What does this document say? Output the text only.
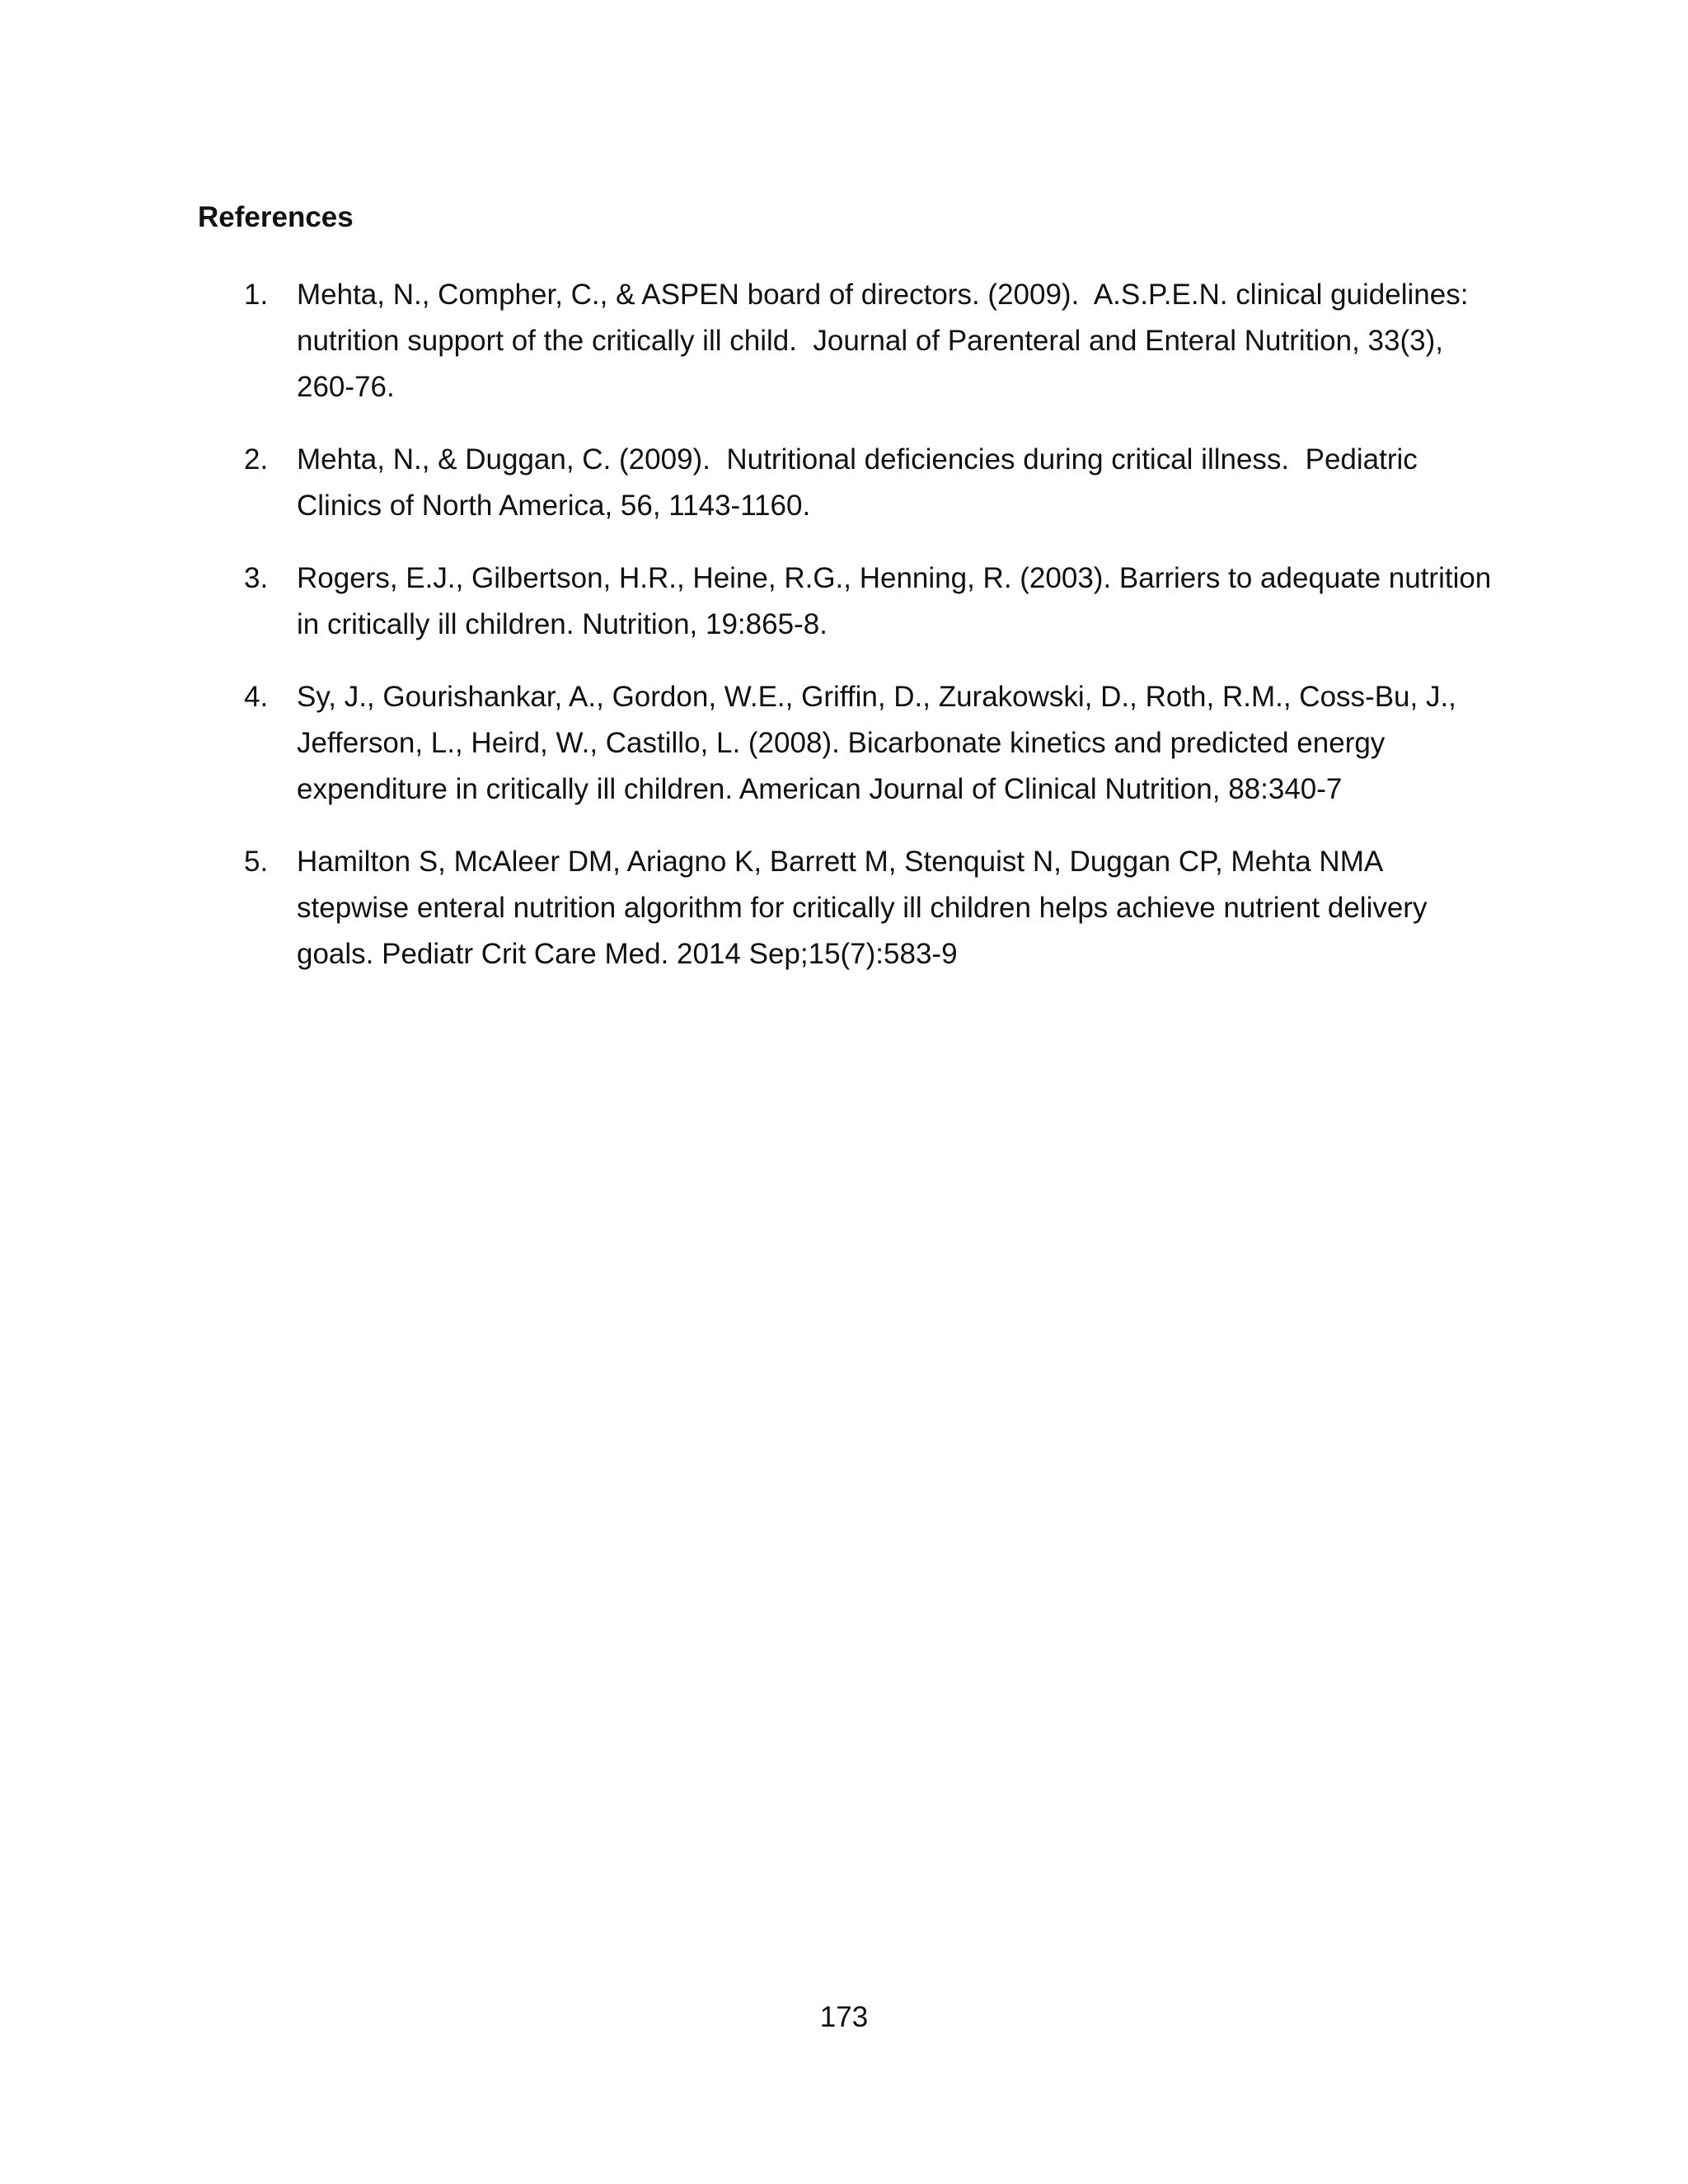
References
1. Mehta, N., Compher, C., & ASPEN board of directors. (2009).  A.S.P.E.N. clinical guidelines: nutrition support of the critically ill child.  Journal of Parenteral and Enteral Nutrition, 33(3), 260-76.
2. Mehta, N., & Duggan, C. (2009).  Nutritional deficiencies during critical illness.  Pediatric Clinics of North America, 56, 1143-1160.
3. Rogers, E.J., Gilbertson, H.R., Heine, R.G., Henning, R. (2003). Barriers to adequate nutrition in critically ill children. Nutrition, 19:865-8.
4. Sy, J., Gourishankar, A., Gordon, W.E., Griffin, D., Zurakowski, D., Roth, R.M., Coss-Bu, J., Jefferson, L., Heird, W., Castillo, L. (2008). Bicarbonate kinetics and predicted energy expenditure in critically ill children. American Journal of Clinical Nutrition, 88:340-7
5. Hamilton S, McAleer DM, Ariagno K, Barrett M, Stenquist N, Duggan CP, Mehta NMA stepwise enteral nutrition algorithm for critically ill children helps achieve nutrient delivery goals. Pediatr Crit Care Med. 2014 Sep;15(7):583-9
173
